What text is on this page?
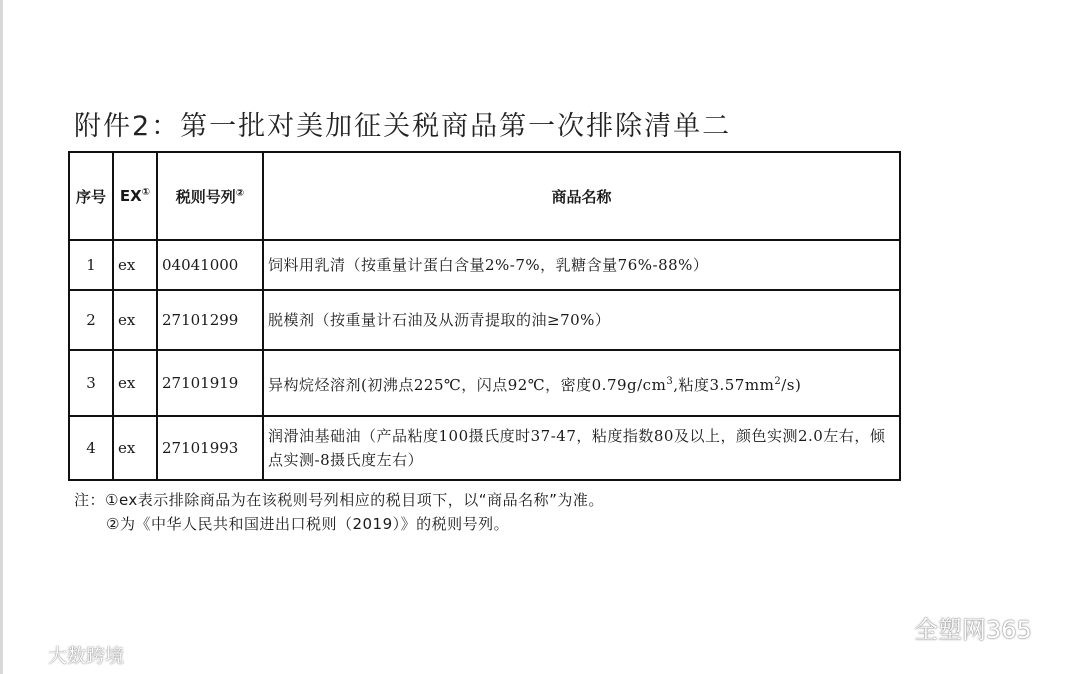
附件2：第一批对美加征关税商品第一次排除清单二
序号	EX①	税则号列②	商品名称
1	ex	04041000	饲料用乳清（按重量计蛋白含量2%-7%，乳糖含量76%-88%）
2	ex	27101299	脱模剂（按重量计石油及从沥青提取的油≥70%）
3	ex	27101919	异构烷烃溶剂(初沸点225℃，闪点92℃，密度$0.79g/cm^3$,粘度$3.57mm^2/s$)
4	ex	27101993	润滑油基础油（产品粘度100摄氏度时37-47，粘度指数80及以上，颜色实测2.0左右，倾点实测-8摄氏度左右）
注：①ex表示排除商品为在该税则号列相应的税目项下，以“商品名称”为准。
②为《中华人民共和国进出口税则（2019）》的税则号列。
大数跨境
全塑网365
